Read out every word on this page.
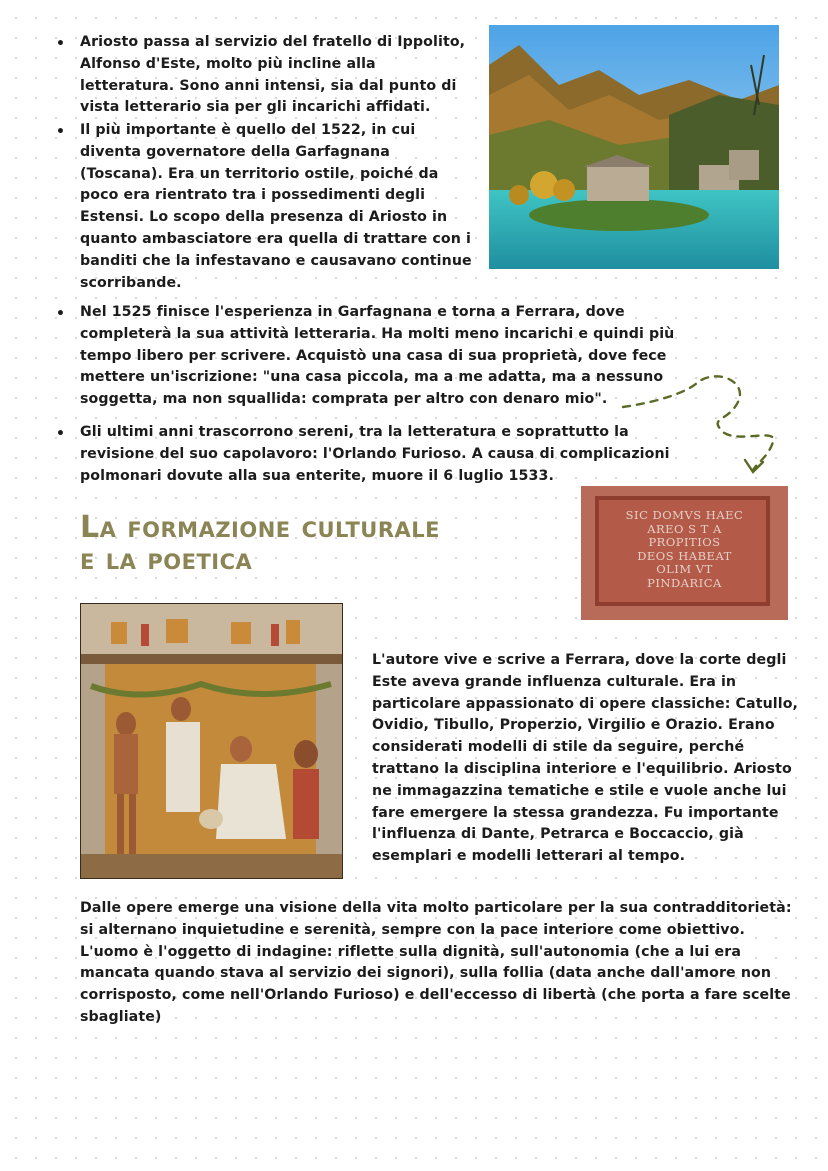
• Ariosto passa al servizio del fratello di Ippolito, Alfonso d'Este, molto più incline alla letteratura. Sono anni intensi, sia dal punto di vista letterario sia per gli incarichi affidati.
• Il più importante è quello del 1522, in cui diventa governatore della Garfagnana (Toscana). Era un territorio ostile, poiché da poco era rientrato tra i possedimenti degli Estensi. Lo scopo della presenza di Ariosto in quanto ambasciatore era quella di trattare con i banditi che la infestavano e causavano continue scorribande.
• Nel 1525 finisce l'esperienza in Garfagnana e torna a Ferrara, dove completerà la sua attività letteraria. Ha molti meno incarichi e quindi più tempo libero per scrivere. Acquistò una casa di sua proprietà, dove fece mettere un'iscrizione: "una casa piccola, ma a me adatta, ma a nessuno soggetta, ma non squallida: comprata per altro con denaro mio".
• Gli ultimi anni trascorrono sereni, tra la letteratura e soprattutto la revisione del suo capolavoro: l'Orlando Furioso. A causa di complicazioni polmonari dovute alla sua enterite, muore il 6 luglio 1533.
La formazione culturale
e la poetica
SIC DOMVS HAEC
AREO S T A
PROPITIOS
DEOS HABEAT
OLIM VT
PINDARICA
L'autore vive e scrive a Ferrara, dove la corte degli Este aveva grande influenza culturale. Era in particolare appassionato di opere classiche: Catullo, Ovidio, Tibullo, Properzio, Virgilio e Orazio. Erano considerati modelli di stile da seguire, perché trattano la disciplina interiore e l'equilibrio. Ariosto ne immagazzina tematiche e stile e vuole anche lui fare emergere la stessa grandezza. Fu importante l'influenza di Dante, Petrarca e Boccaccio, già esemplari e modelli letterari al tempo.
Dalle opere emerge una visione della vita molto particolare per la sua contradditorietà: si alternano inquietudine e serenità, sempre con la pace interiore come obiettivo. L'uomo è l'oggetto di indagine: riflette sulla dignità, sull'autonomia (che a lui era mancata quando stava al servizio dei signori), sulla follia (data anche dall'amore non corrisposto, come nell'Orlando Furioso) e dell'eccesso di libertà (che porta a fare scelte sbagliate)
